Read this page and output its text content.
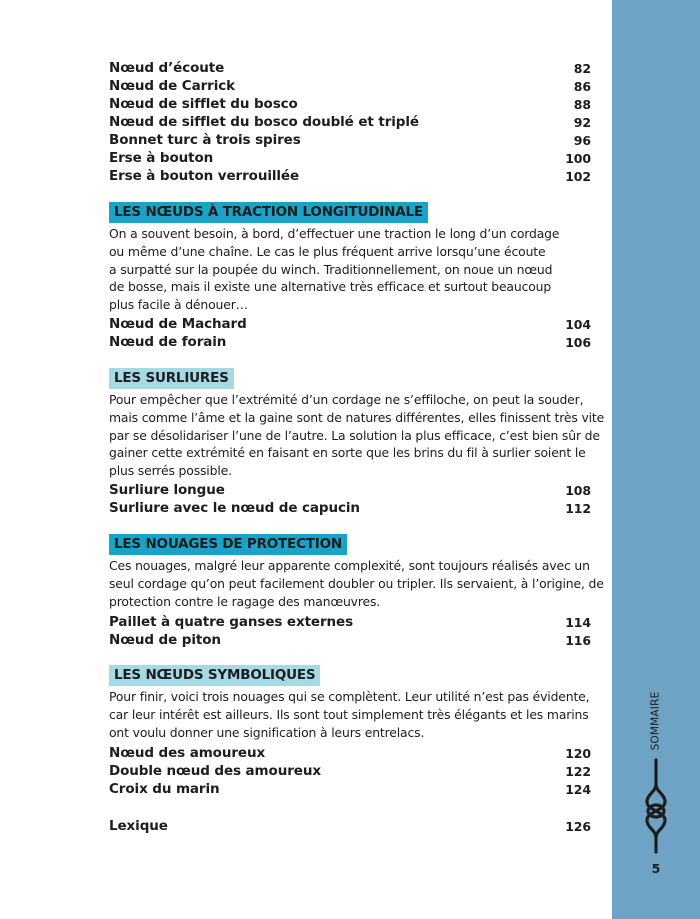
Nœud d’écoute	82
Nœud de Carrick	86
Nœud de sifflet du bosco	88
Nœud de sifflet du bosco doublé et triplé	92
Bonnet turc à trois spires	96
Erse à bouton	100
Erse à bouton verrouillée	102
LES NŒUDS À TRACTION LONGITUDINALE
On a souvent besoin, à bord, d’effectuer une traction le long d’un cordage
ou même d’une chaîne. Le cas le plus fréquent arrive lorsqu’une écoute
a surpatté sur la poupée du winch. Traditionnellement, on noue un nœud
de bosse, mais il existe une alternative très efficace et surtout beaucoup
plus facile à dénouer…
Nœud de Machard	104
Nœud de forain	106
LES SURLIURES
Pour empêcher que l’extrémité d’un cordage ne s’effiloche, on peut la souder,
mais comme l’âme et la gaine sont de natures différentes, elles finissent très vite
par se désolidariser l’une de l’autre. La solution la plus efficace, c’est bien sûr de
gainer cette extrémité en faisant en sorte que les brins du fil à surlier soient le
plus serrés possible.
Surliure longue	108
Surliure avec le nœud de capucin	112
LES NOUAGES DE PROTECTION
Ces nouages, malgré leur apparente complexité, sont toujours réalisés avec un
seul cordage qu’on peut facilement doubler ou tripler. Ils servaient, à l’origine, de
protection contre le ragage des manœuvres.
Paillet à quatre ganses externes	114
Nœud de piton	116
LES NŒUDS SYMBOLIQUES
Pour finir, voici trois nouages qui se complètent. Leur utilité n’est pas évidente,
car leur intérêt est ailleurs. Ils sont tout simplement très élégants et les marins
ont voulu donner une signification à leurs entrelacs.
Nœud des amoureux	120
Double nœud des amoureux	122
Croix du marin	124
Lexique	126
SOMMAIRE
5
